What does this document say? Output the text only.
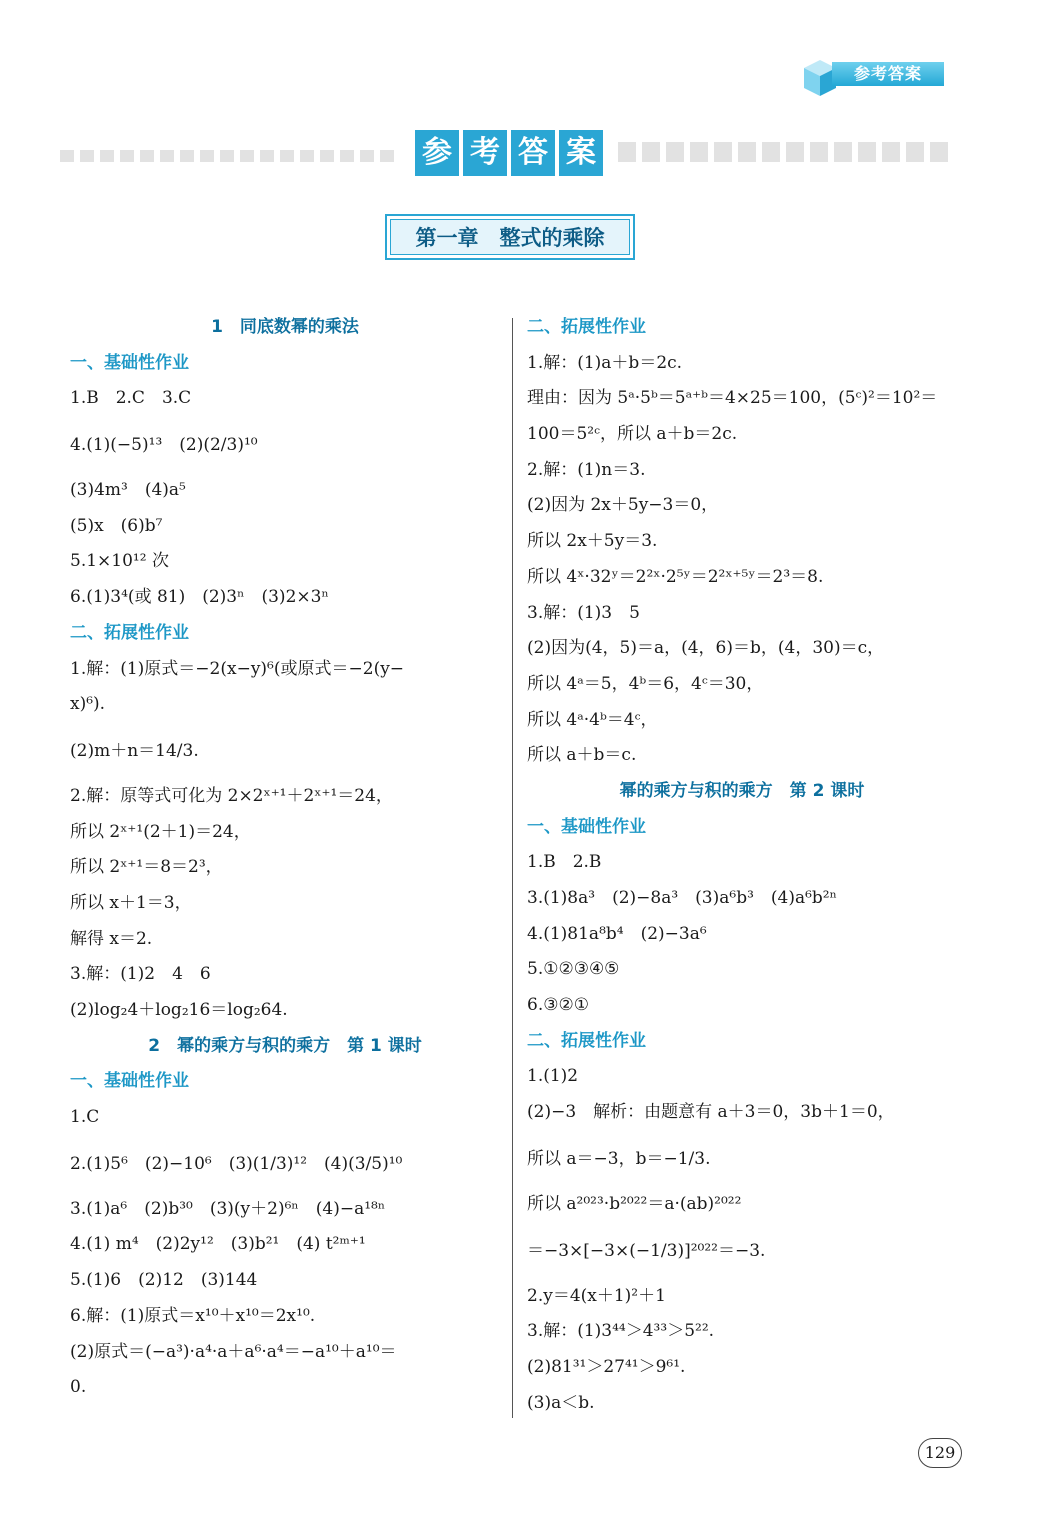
参考答案
参 考 答 案
第一章　整式的乘除
1　同底数幂的乘法
一、基础性作业
1.B　2.C　3.C
4.(1)(−5)¹³　(2)(2/3)¹⁰
(3)4m³　(4)a⁵
(5)x　(6)b⁷
5.1×10¹² 次
6.(1)3⁴(或 81)　(2)3ⁿ　(3)2×3ⁿ
二、拓展性作业
1.解：(1)原式＝−2(x−y)⁶(或原式＝−2(y−
x)⁶).
(2)m＋n＝14/3.
2.解：原等式可化为 2×2ˣ⁺¹＋2ˣ⁺¹＝24，
所以 2ˣ⁺¹(2＋1)＝24，
所以 2ˣ⁺¹＝8＝2³，
所以 x＋1＝3，
解得 x＝2.
3.解：(1)2　4　6
(2)log₂4＋log₂16＝log₂64.
2　幂的乘方与积的乘方　第 1 课时
一、基础性作业
1.C
2.(1)5⁶　(2)−10⁶　(3)(1/3)¹²　(4)(3/5)¹⁰
3.(1)a⁶　(2)b³⁰　(3)(y＋2)⁶ⁿ　(4)−a¹⁸ⁿ
4.(1) m⁴　(2)2y¹²　(3)b²¹　(4) t²ᵐ⁺¹
5.(1)6　(2)12　(3)144
6.解：(1)原式＝x¹⁰＋x¹⁰＝2x¹⁰.
(2)原式＝(−a³)·a⁴·a＋a⁶·a⁴＝−a¹⁰＋a¹⁰＝
0.
二、拓展性作业
1.解：(1)a＋b＝2c.
理由：因为 5ᵃ·5ᵇ＝5ᵃ⁺ᵇ＝4×25＝100，(5ᶜ)²＝10²＝
100＝5²ᶜ，所以 a＋b＝2c.
2.解：(1)n＝3.
(2)因为 2x＋5y−3＝0，
所以 2x＋5y＝3.
所以 4ˣ·32ʸ＝2²ˣ·2⁵ʸ＝2²ˣ⁺⁵ʸ＝2³＝8.
3.解：(1)3　5
(2)因为(4，5)＝a，(4，6)＝b，(4，30)＝c，
所以 4ᵃ＝5，4ᵇ＝6，4ᶜ＝30，
所以 4ᵃ·4ᵇ＝4ᶜ，
所以 a＋b＝c.
幂的乘方与积的乘方　第 2 课时
一、基础性作业
1.B　2.B
3.(1)8a³　(2)−8a³　(3)a⁶b³　(4)a⁶b²ⁿ
4.(1)81a⁸b⁴　(2)−3a⁶
5.①②③④⑤
6.③②①
二、拓展性作业
1.(1)2
(2)−3　解析：由题意有 a＋3＝0，3b＋1＝0，
所以 a＝−3，b＝−1/3.
所以 a²⁰²³·b²⁰²²＝a·(ab)²⁰²²
＝−3×[−3×(−1/3)]²⁰²²＝−3.
2.y＝4(x＋1)²＋1
3.解：(1)3⁴⁴＞4³³＞5²².
(2)81³¹＞27⁴¹＞9⁶¹.
(3)a＜b.
129
